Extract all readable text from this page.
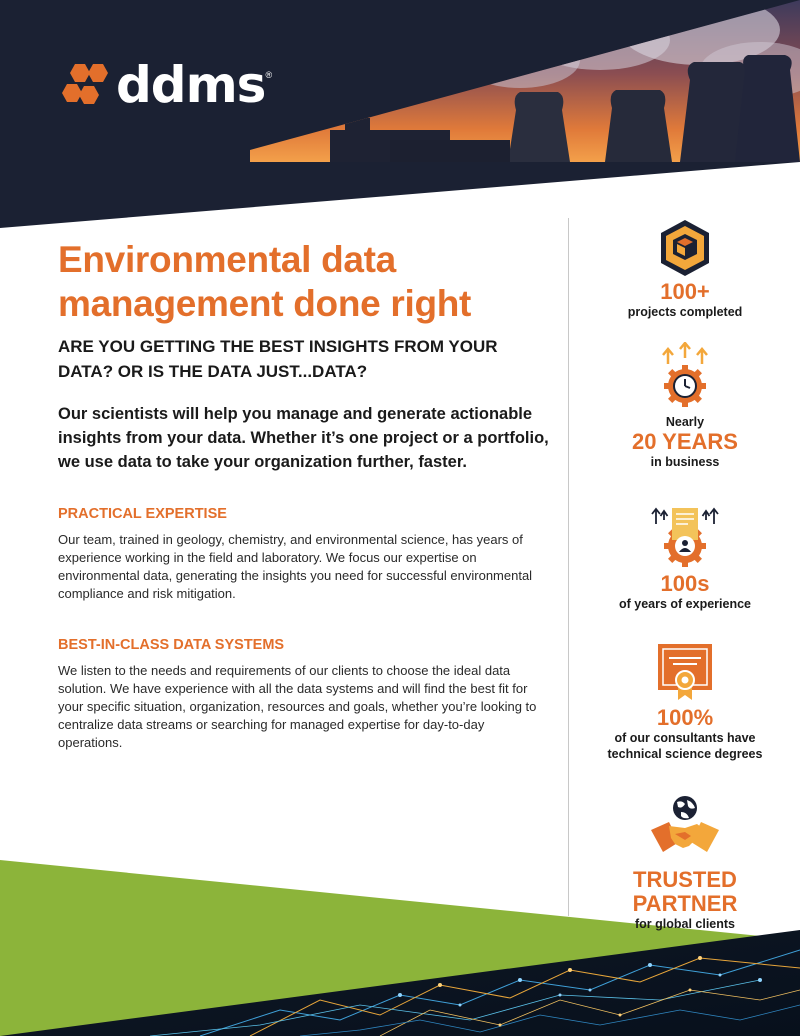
ddms ®
Environmental data management done right
ARE YOU GETTING THE BEST INSIGHTS FROM YOUR DATA? OR IS THE DATA JUST...DATA?

Our scientists will help you manage and generate actionable insights from your data. Whether it’s one project or a portfolio, we use data to take your organization further, faster.

PRACTICAL EXPERTISE

Our team, trained in geology, chemistry, and environmental science, has years of experience working in the field and laboratory. We focus our expertise on environmental data, generating the insights you need for successful environmental compliance and risk mitigation.

BEST-IN-CLASS DATA SYSTEMS

We listen to the needs and requirements of our clients to choose the ideal data solution. We have experience with all the data systems and will find the best fit for your specific situation, organization, resources and goals, whether you’re looking to centralize data streams or searching for managed expertise for day-to-day operations.

100+
projects completed
Nearly
20 YEARS
in business
100s
of years of experience
100%
of our consultants have technical science degrees
TRUSTED PARTNER
for global clients
